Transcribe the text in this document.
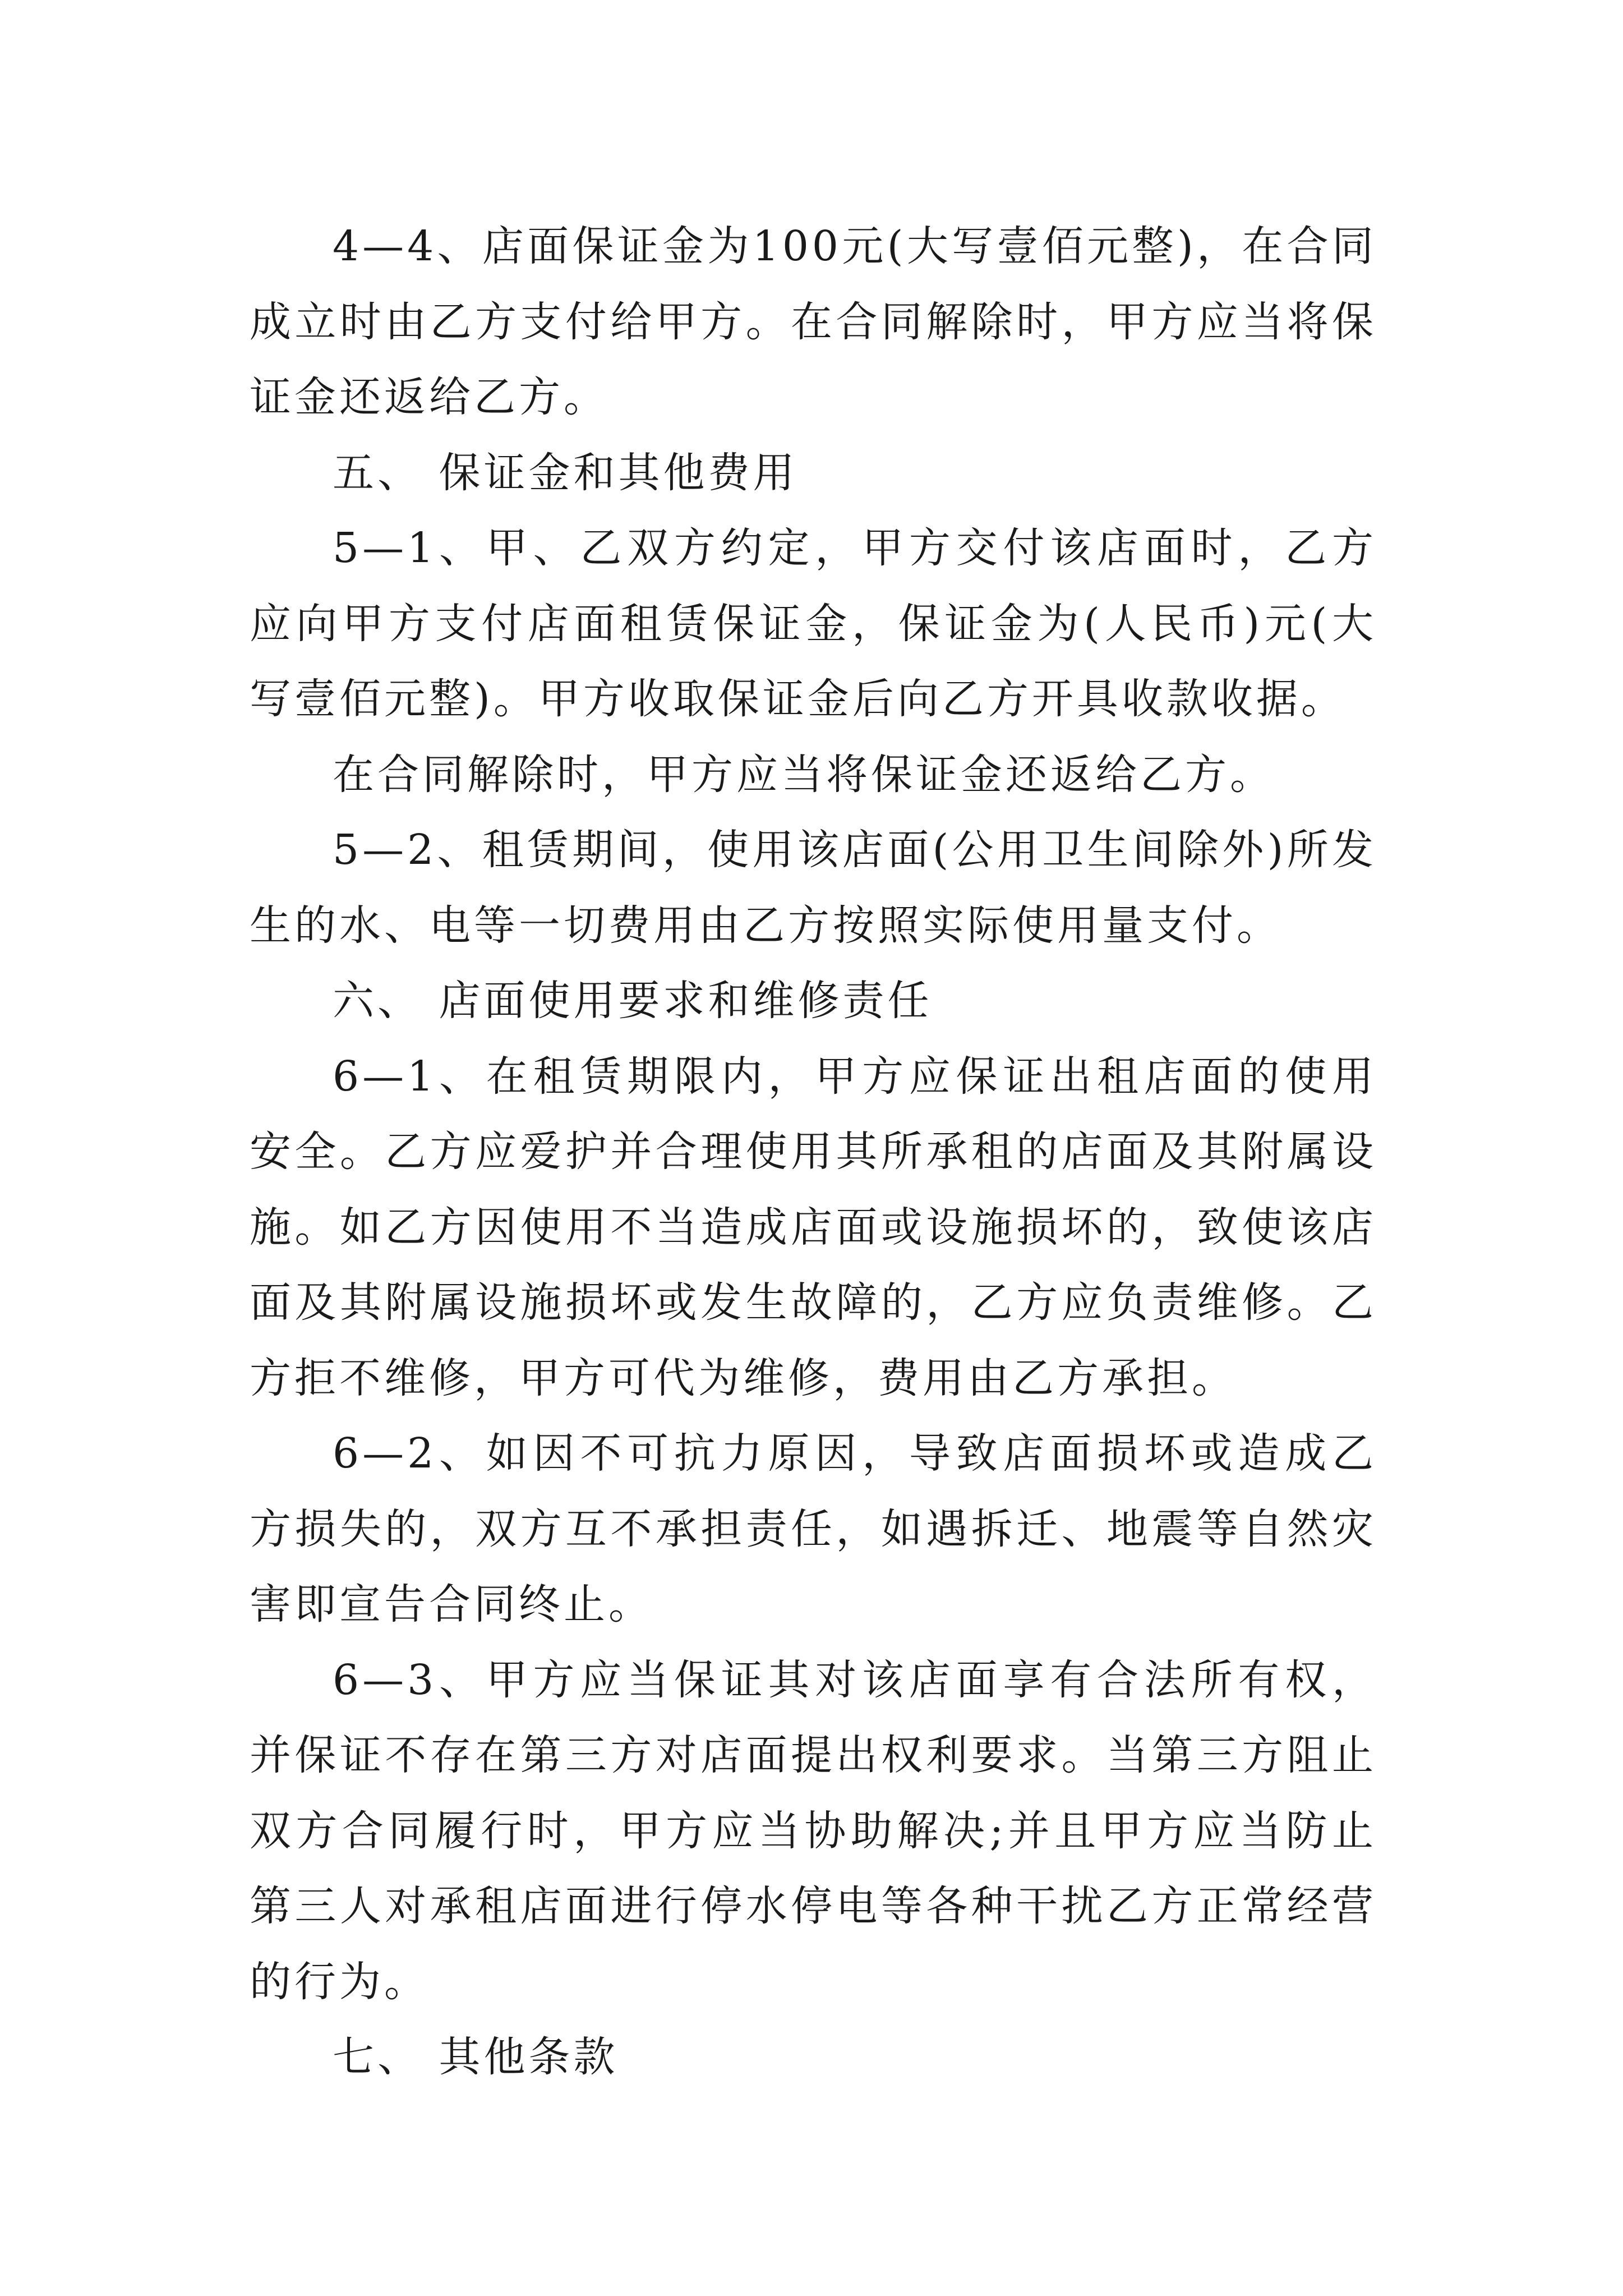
4—4、店面保证金为100元(大写壹佰元整)，在合同成立时由乙方支付给甲方。在合同解除时，甲方应当将保证金还返给乙方。

五、 保证金和其他费用

5—1、甲、乙双方约定，甲方交付该店面时，乙方应向甲方支付店面租赁保证金，保证金为(人民币)元(大写壹佰元整)。甲方收取保证金后向乙方开具收款收据。

在合同解除时，甲方应当将保证金还返给乙方。

5—2、租赁期间，使用该店面(公用卫生间除外)所发生的水、电等一切费用由乙方按照实际使用量支付。

六、 店面使用要求和维修责任

6—1、在租赁期限内，甲方应保证出租店面的使用安全。乙方应爱护并合理使用其所承租的店面及其附属设施。如乙方因使用不当造成店面或设施损坏的，致使该店面及其附属设施损坏或发生故障的，乙方应负责维修。乙方拒不维修，甲方可代为维修，费用由乙方承担。

6—2、如因不可抗力原因，导致店面损坏或造成乙方损失的，双方互不承担责任，如遇拆迁、地震等自然灾害即宣告合同终止。

6—3、甲方应当保证其对该店面享有合法所有权，并保证不存在第三方对店面提出权利要求。当第三方阻止双方合同履行时，甲方应当协助解决;并且甲方应当防止第三人对承租店面进行停水停电等各种干扰乙方正常经营的行为。

七、 其他条款
